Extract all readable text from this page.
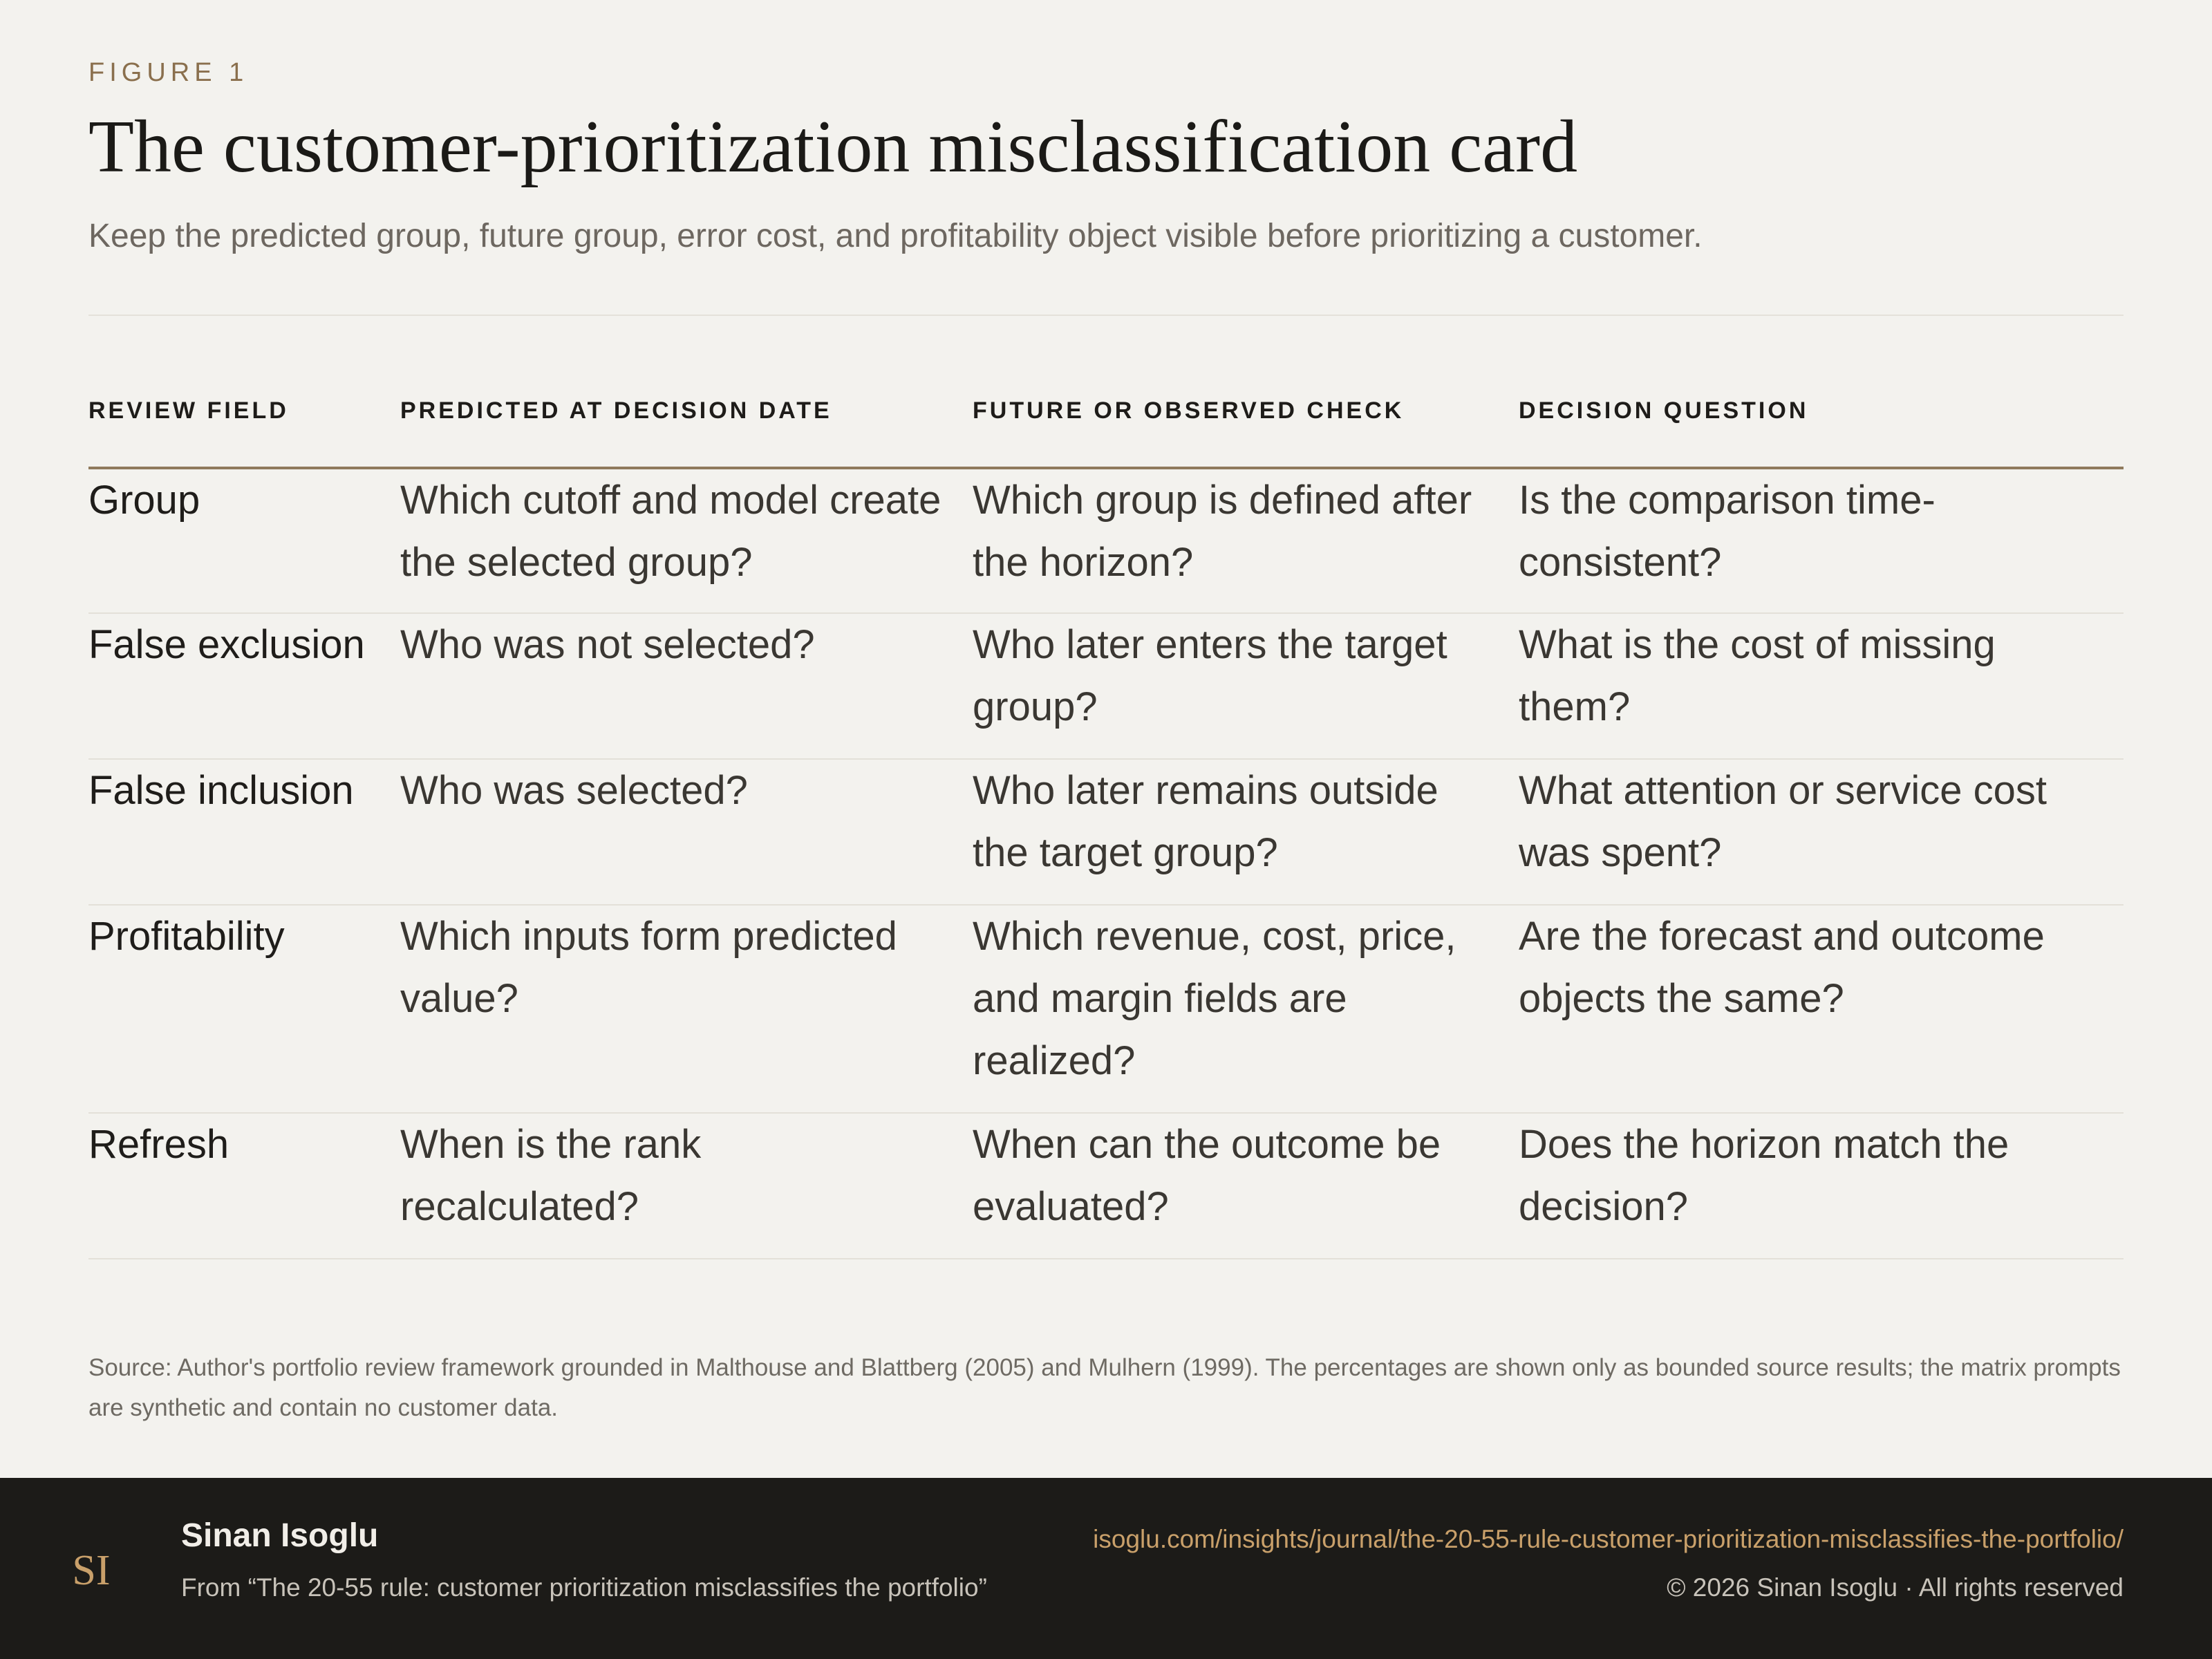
FIGURE 1
The customer-prioritization misclassification card
Keep the predicted group, future group, error cost, and profitability object visible before prioritizing a customer.
REVIEW FIELD	PREDICTED AT DECISION DATE	FUTURE OR OBSERVED CHECK	DECISION QUESTION
Group	Which cutoff and model create the selected group?	Which group is defined after the horizon?	Is the comparison time-consistent?
False exclusion	Who was not selected?	Who later enters the target group?	What is the cost of missing them?
False inclusion	Who was selected?	Who later remains outside the target group?	What attention or service cost was spent?
Profitability	Which inputs form predicted value?	Which revenue, cost, price, and margin fields are realized?	Are the forecast and outcome objects the same?
Refresh	When is the rank recalculated?	When can the outcome be evaluated?	Does the horizon match the decision?
Source: Author's portfolio review framework grounded in Malthouse and Blattberg (2005) and Mulhern (1999). The percentages are shown only as bounded source results; the matrix prompts are synthetic and contain no customer data.
SI
Sinan Isoglu
From “The 20-55 rule: customer prioritization misclassifies the portfolio”
isoglu.com/insights/journal/the-20-55-rule-customer-prioritization-misclassifies-the-portfolio/
© 2026 Sinan Isoglu · All rights reserved
